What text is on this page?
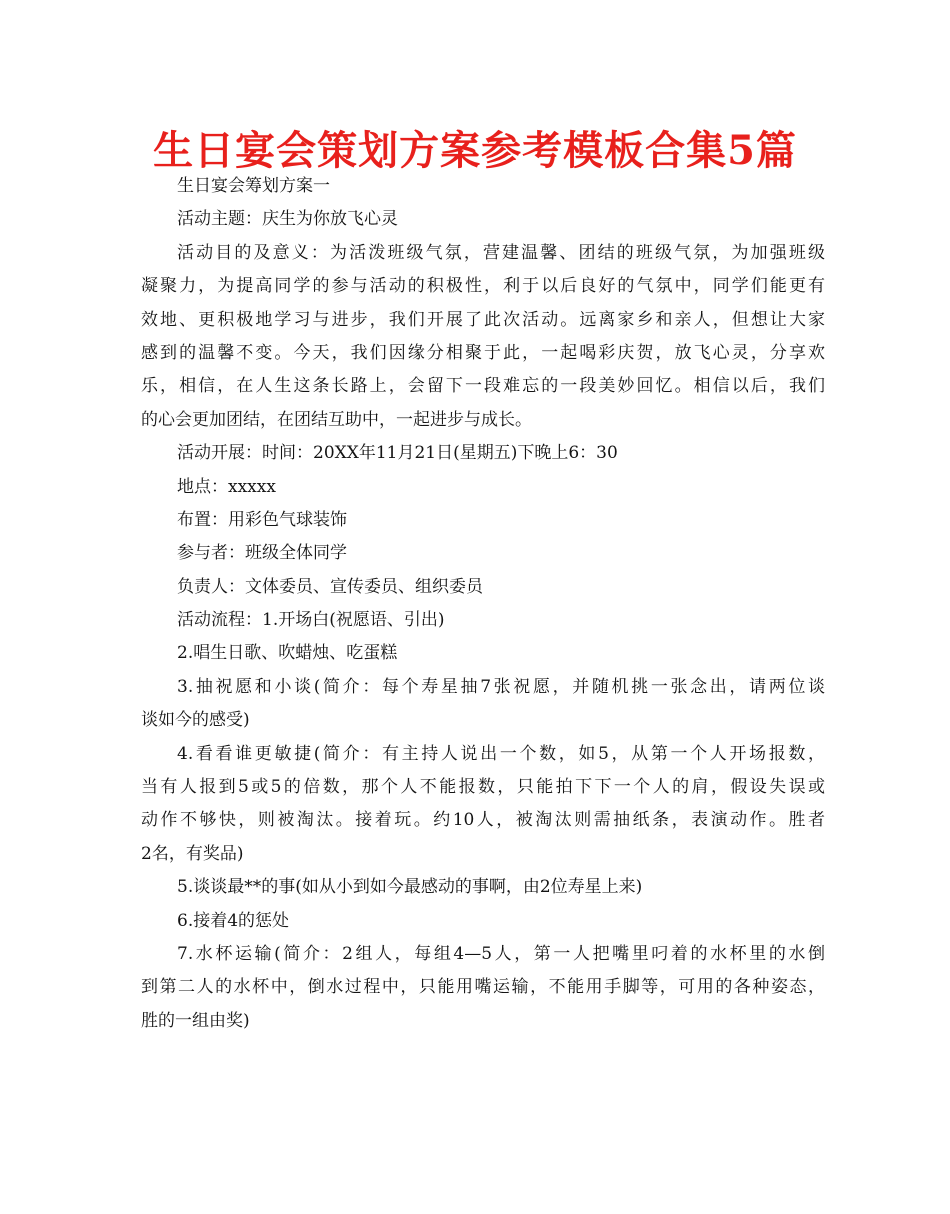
生日宴会策划方案参考模板合集5篇
生日宴会筹划方案一
活动主题：庆生为你放飞心灵
活动目的及意义：为活泼班级气氛，营建温馨、团结的班级气氛，为加强班级
凝聚力，为提高同学的参与活动的积极性，利于以后良好的气氛中，同学们能更有
效地、更积极地学习与进步，我们开展了此次活动。远离家乡和亲人，但想让大家
感到的温馨不变。今天，我们因缘分相聚于此，一起喝彩庆贺，放飞心灵，分享欢
乐，相信，在人生这条长路上，会留下一段难忘的一段美妙回忆。相信以后，我们
的心会更加团结，在团结互助中，一起进步与成长。
活动开展：时间：20XX年11月21日(星期五)下晚上6：30
地点：xxxxx
布置：用彩色气球装饰
参与者：班级全体同学
负责人：文体委员、宣传委员、组织委员
活动流程：1.开场白(祝愿语、引出)
2.唱生日歌、吹蜡烛、吃蛋糕
3.抽祝愿和小谈(简介：每个寿星抽7张祝愿，并随机挑一张念出，请两位谈
谈如今的感受)
4.看看谁更敏捷(简介：有主持人说出一个数，如5，从第一个人开场报数，
当有人报到5或5的倍数，那个人不能报数，只能拍下下一个人的肩，假设失误或
动作不够快，则被淘汰。接着玩。约10人，被淘汰则需抽纸条，表演动作。胜者
2名，有奖品)
5.谈谈最**的事(如从小到如今最感动的事啊，由2位寿星上来)
6.接着4的惩处
7.水杯运输(简介：2组人，每组4—5人，第一人把嘴里叼着的水杯里的水倒
到第二人的水杯中，倒水过程中，只能用嘴运输，不能用手脚等，可用的各种姿态，
胜的一组由奖)
